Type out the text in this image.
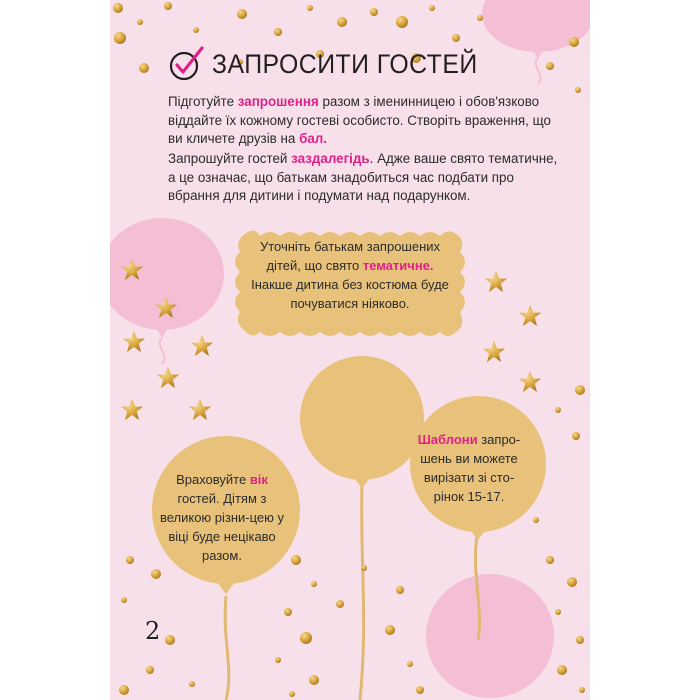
ЗАПРОСИТИ ГОСТЕЙ

Підготуйте запрошення разом з іменинницею і обов'язково віддайте їх кожному гостеві особисто. Створіть враження, що ви кличете друзів на бал.

Запрошуйте гостей заздалегідь. Адже ваше свято тематичне, а це означає, що батькам знадобиться час подбати про вбрання для дитини і подумати над подарунком.

Уточніть батькам запрошених дітей, що свято тематичне. Інакше дитина без костюма буде почуватися ніяково.

Враховуйте вік гостей. Дітям з великою різни-цею у віці буде нецікаво разом.

Шаблони запро-шень ви можете вирізати зі сто-рінок 15-17.

2
